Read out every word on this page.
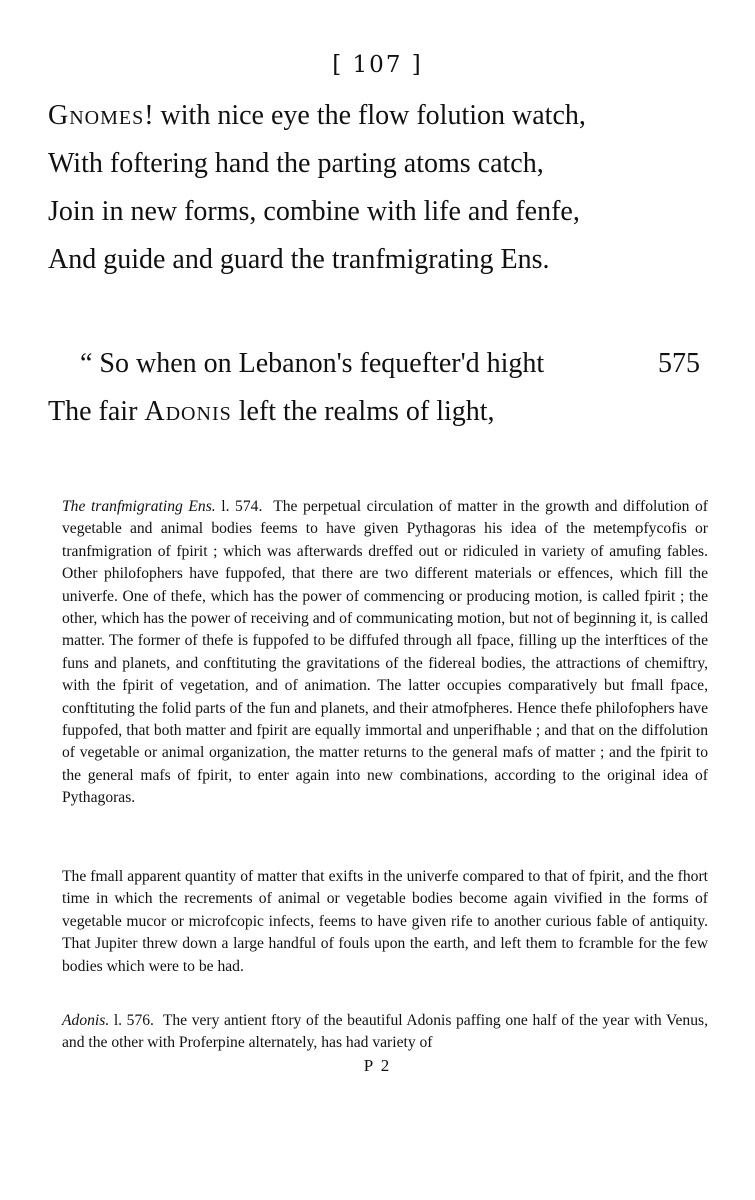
[ 107 ]
Gnomes! with nice eye the flow folution watch,
With foftering hand the parting atoms catch,
Join in new forms, combine with life and fenfe,
And guide and guard the tranfmigrating Ens.
“ So when on Lebanon's fequefter'd hight	575
The fair Adonis left the realms of light,

The tranfmigrating Ens. l. 574. The perpetual circulation of matter in the growth and diffolution of vegetable and animal bodies feems to have given Pythagoras his idea of the metempfycofis or tranfmigration of fpirit ; which was afterwards dreffed out or ridiculed in variety of amufing fables. Other philofophers have fuppofed, that there are two different materials or effences, which fill the univerfe. One of thefe, which has the power of commencing or producing motion, is called fpirit ; the other, which has the power of receiving and of communicating motion, but not of beginning it, is called matter. The former of thefe is fuppofed to be diffufed through all fpace, filling up the interftices of the funs and planets, and conftituting the gravitations of the fidereal bodies, the attractions of chemiftry, with the fpirit of vegetation, and of animation. The latter occupies comparatively but fmall fpace, conftituting the folid parts of the fun and planets, and their atmofpheres. Hence thefe philofophers have fuppofed, that both matter and fpirit are equally immortal and unperifhable ; and that on the diffolution of vegetable or animal organization, the matter returns to the general mafs of matter ; and the fpirit to the general mafs of fpirit, to enter again into new combinations, according to the original idea of Pythagoras.

The fmall apparent quantity of matter that exifts in the univerfe compared to that of fpirit, and the fhort time in which the recrements of animal or vegetable bodies become again vivified in the forms of vegetable mucor or microfcopic infects, feems to have given rife to another curious fable of antiquity. That Jupiter threw down a large handful of fouls upon the earth, and left them to fcramble for the few bodies which were to be had.

Adonis. l. 576. The very antient ftory of the beautiful Adonis paffing one half of the year with Venus, and the other with Proferpine alternately, has had variety of

P 2
